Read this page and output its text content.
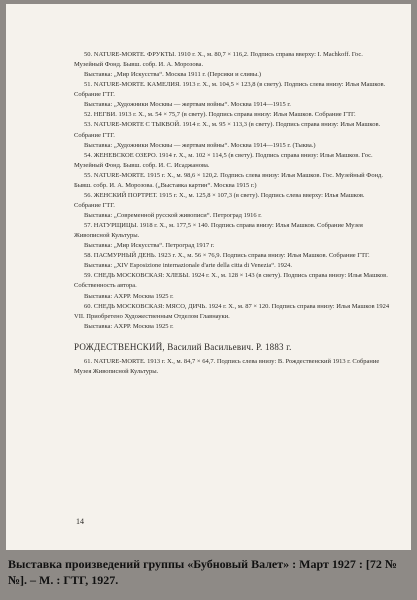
50. NATURE-MORTE. ФРУКТЫ. 1910 г. Х., м. 80,7 × 116,2. Подпись справа вверху: I. Machkoff. Гос. Музейный Фонд. Бывш. собр. И. А. Морозова.
Выставка: „Мир Искусства“. Москва 1911 г. (Персики и сливы.)
51. NATURE-MORTE. КАМЕЛИЯ. 1913 г. Х., м. 104,5 × 123,8 (в свету). Подпись слева внизу: Илья Машков. Собрание ГТГ.
Выставка: „Художники Москвы — жертвам войны“. Москва 1914—1915 г.
52. НЕГВИ. 1913 г. Х., м. 54 × 75,7 (в свету). Подпись справа внизу: Илья Машков. Собрание ГТГ.
53. NATURE-MORTE С ТЫКВОЙ. 1914 г. Х., м. 95 × 113,3 (в свету). Подпись справа внизу: Илья Машков. Собрание ГТГ.
Выставка: „Художники Москвы — жертвам войны“. Москва 1914—1915 г. (Тыква.)
54. ЖЕНЕВСКОЕ ОЗЕРО. 1914 г. Х., м. 102 × 114,5 (в свету). Подпись справа внизу: Илья Машков. Гос. Музейный Фонд. Бывш. собр. И. С. Исаджанова.
55. NATURE-MORTE. 1915 г. Х., м. 98,6 × 120,2. Подпись слева внизу: Илья Машков. Гос. Музейный Фонд. Бывш. собр. И. А. Морозова. („Выставка картин“. Москва 1915 г.)
56. ЖЕНСКИЙ ПОРТРЕТ. 1915 г. Х., м. 125,8 × 107,3 (в свету). Подпись слева вверху: Илья Машков. Собрание ГТГ.
Выставка: „Современной русской живописи“. Петроград 1916 г.
57. НАТУРЩИЦЫ. 1918 г. Х., м. 177,5 × 140. Подпись справа внизу: Илья Машков. Собрание Музея Живописной Культуры.
Выставка: „Мир Искусства“. Петроград 1917 г.
58. ПАСМУРНЫЙ ДЕНЬ. 1923 г. Х., м. 56 × 76,9. Подпись справа внизу: Илья Машков. Собрание ГТГ.
Выставка: „XIV Esposizione internazionale d'arte della citta di Venezia“. 1924.
59. СНЕДЬ МОСКОВСКАЯ: ХЛЕБЫ. 1924 г. Х., м. 128 × 143 (в свету). Подпись справа внизу: Илья Машков. Собственность автора.
Выставка: АХРР. Москва 1925 г.
60. СНЕДЬ МОСКОВСКАЯ: МЯСО, ДИЧЬ. 1924 г. Х., м. 87 × 120. Подпись справа внизу: Илья Машков 1924 VII. Приобретено Художественным Отделом Главнауки.
Выставка: АХРР. Москва 1925 г.
РОЖДЕСТВЕНСКИЙ, Василий Васильевич. Р. 1883 г.
61. NATURE-MORTE. 1913 г. Х., м. 84,7 × 64,7. Подпись слева внизу: В. Рождественский 1913 г. Собрание Музея Живописной Культуры.
14
Выставка произведений группы «Бубновый Валет» : Март 1927 : [72 №№]. – М. : ГТГ, 1927.
